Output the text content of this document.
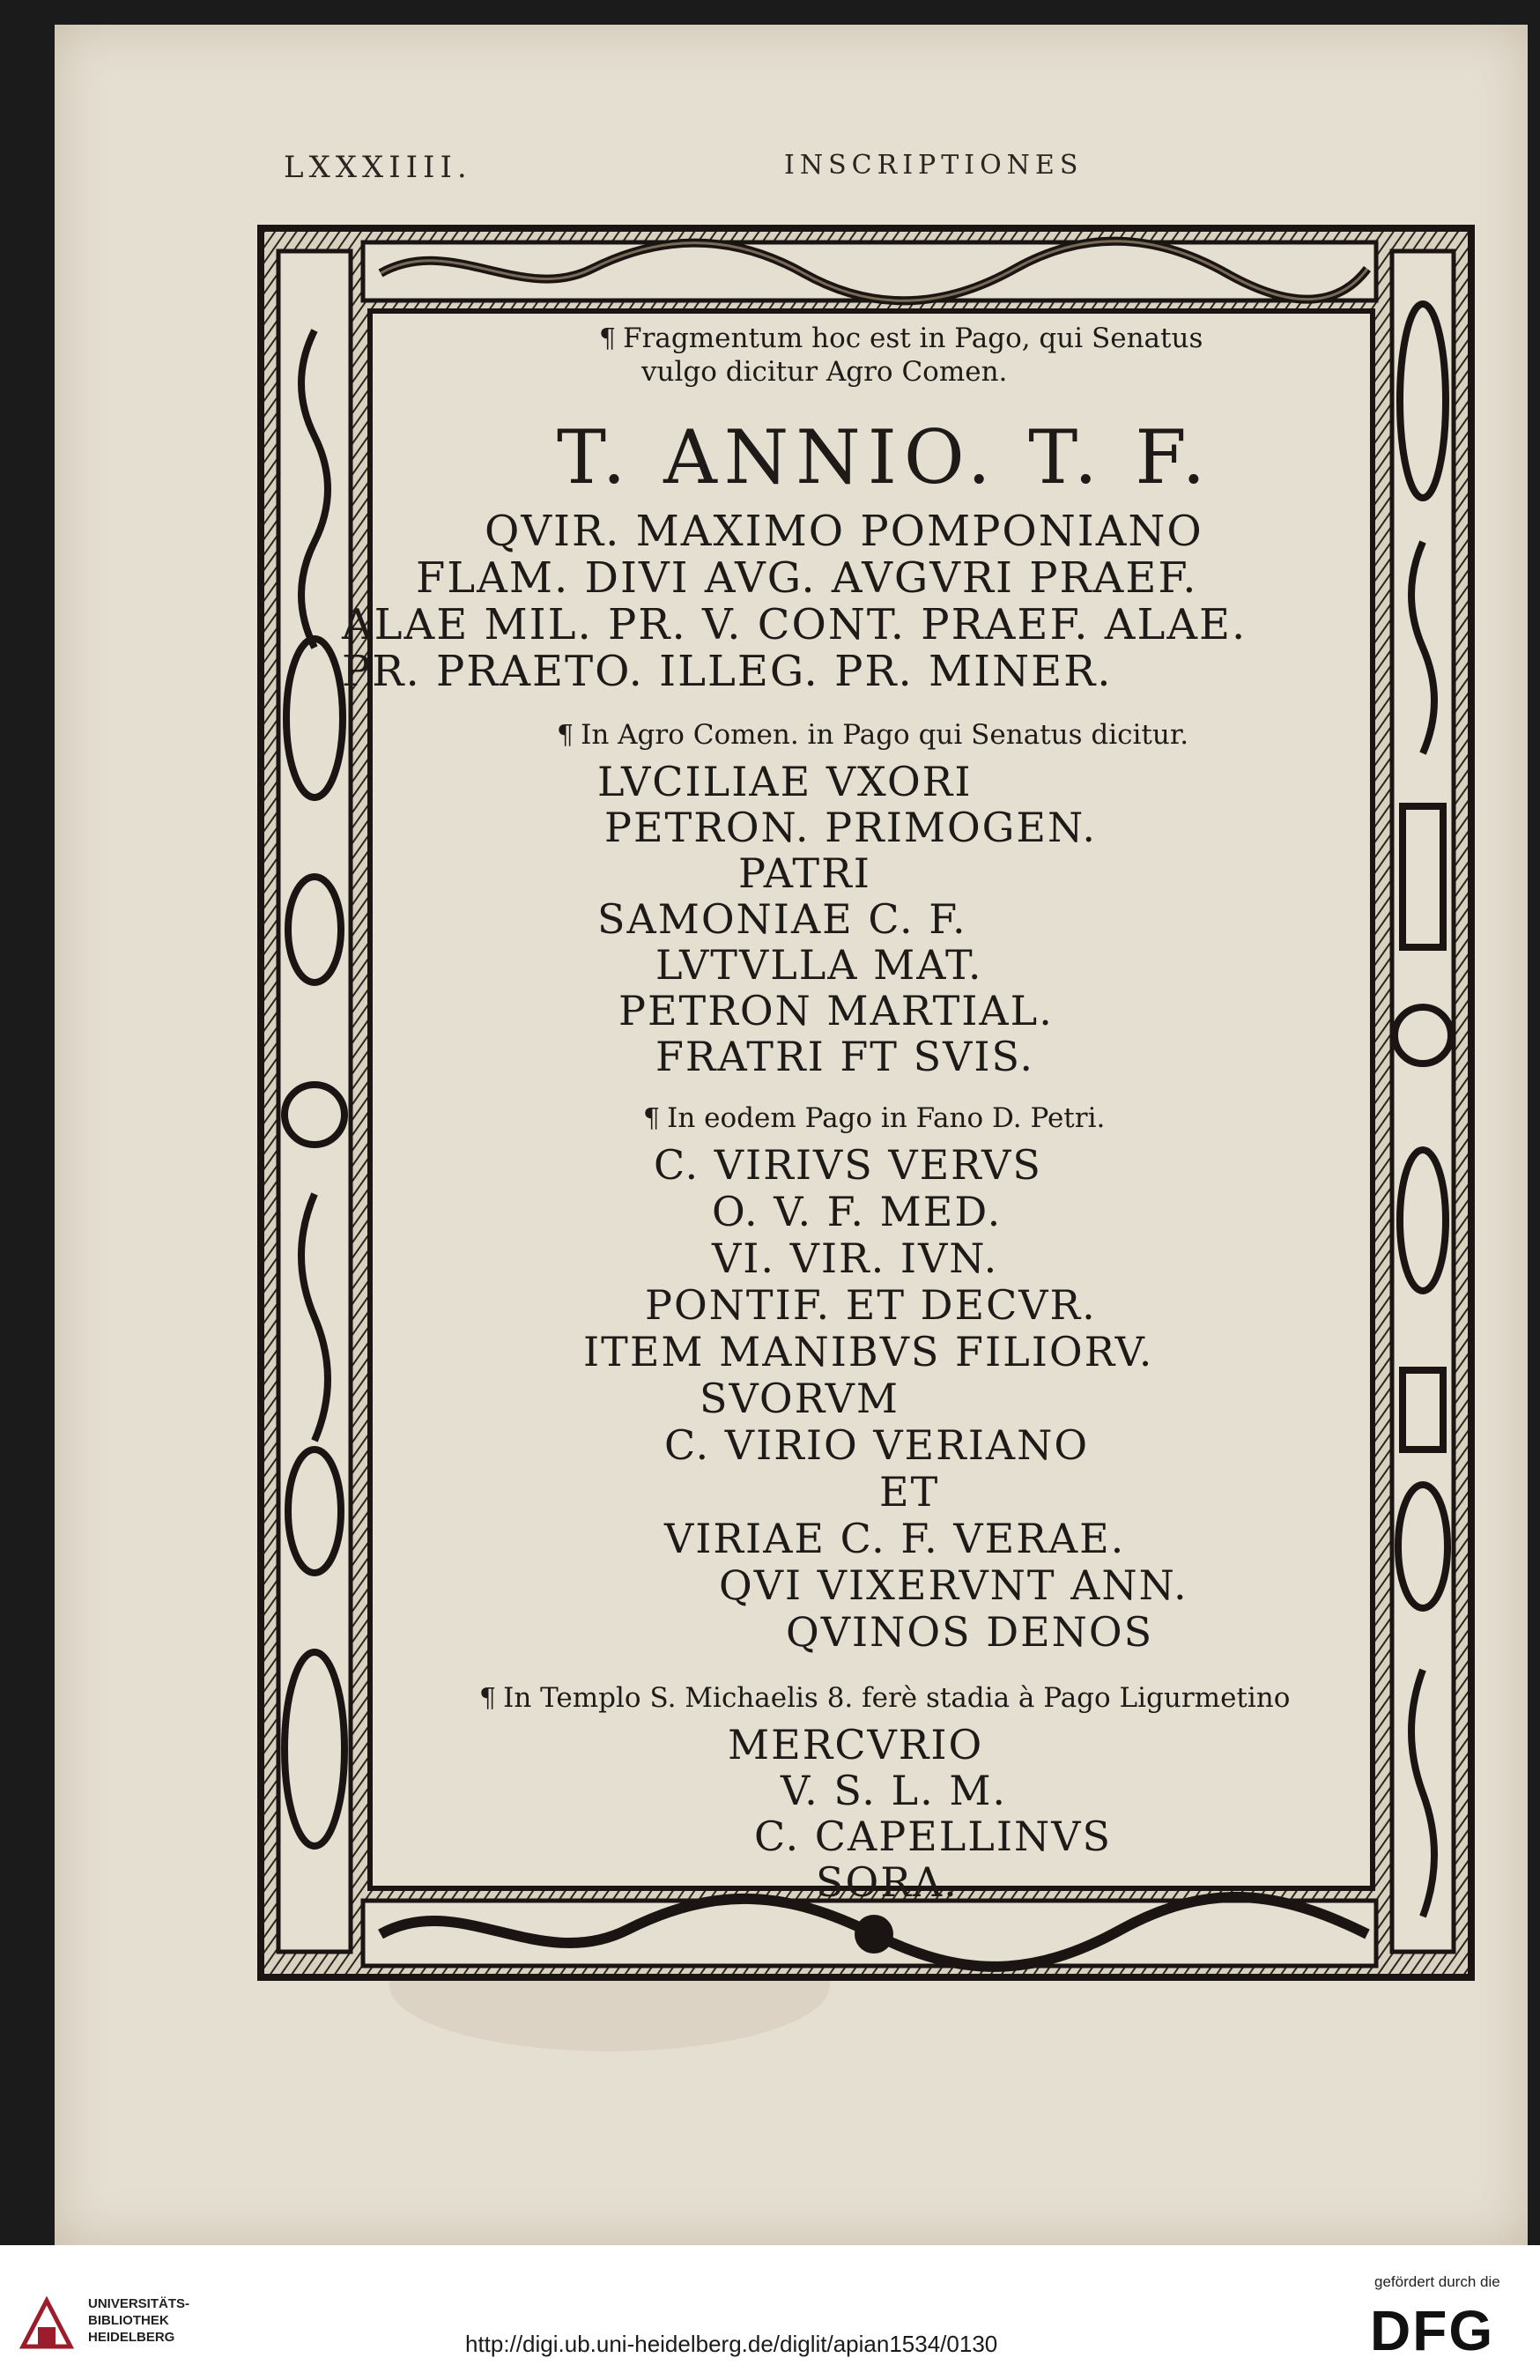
LXXXIIII.	INSCRIPTIONES
¶ Fragmentum hoc est in Pago, qui Senatus
vulgo dicitur Agro Comen.
T. ANNIO. T. F.
QVIR. MAXIMO POMPONIANO
FLAM. DIVI AVG. AVGVRI PRAEF.
ALAE MIL. PR. V. CONT. PRAEF. ALAE.
PR. PRAETO. ILLEG. PR. MINER.
¶ In Agro Comen. in Pago qui Senatus dicitur.
LVCILIAE VXORI
PETRON. PRIMOGEN.
PATRI
SAMONIAE C. F.
LVTVLLA MAT.
PETRON MARTIAL.
FRATRI FT SVIS.
¶ In eodem Pago in Fano D. Petri.
C. VIRIVS VERVS
O. V. F. MED.
VI. VIR. IVN.
PONTIF. ET DECVR.
ITEM MANIBVS FILIORV.
SVORVM
C. VIRIO VERIANO
ET
VIRIAE C. F. VERAE.
QVI VIXERVNT ANN.
QVINOS DENOS
¶ In Templo S. Michaelis 8. ferè stadia à Pago Ligurmetino
MERCVRIO
V. S. L. M.
C. CAPELLINVS
SORA.
UNIVERSITÄTS-
BIBLIOTHEK
HEIDELBERG	http://digi.ub.uni-heidelberg.de/diglit/apian1534/0130
gefördert durch die
DFG
